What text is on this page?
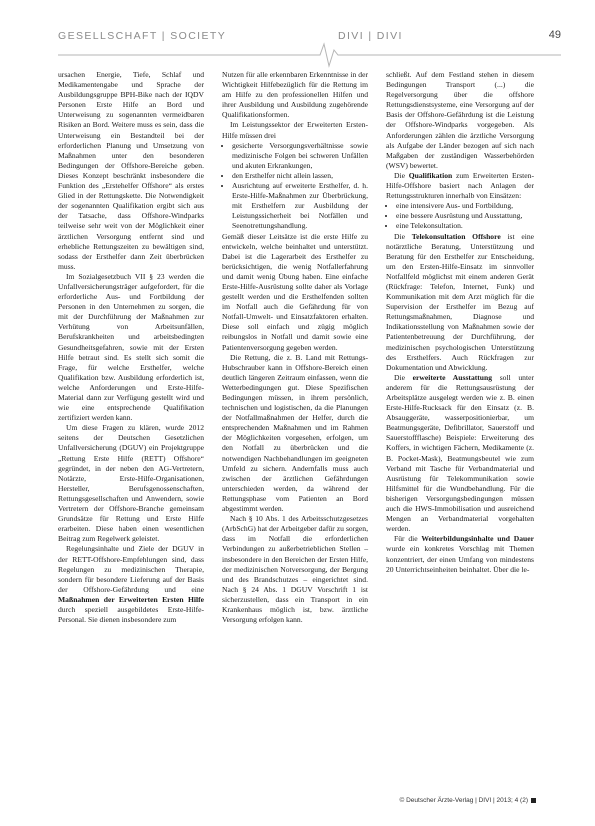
GESELLSCHAFT | SOCIETY	DIVI | DIVI	49

ursachen Energie, Tiefe, Schlaf und Medikamentengabe und Sprache der Ausbildungsgruppe BPH-Bike nach der IQDV Personen Erste Hilfe an Bord und Unterweisung zu sogenannten vermeidbaren Risiken an Bord. Weitere muss es sein, dass die Unterweisung ein Bestandteil bei der erforderlichen Planung und Umsetzung von Maßnahmen unter den besonderen Bedingungen der Offshore-Bereiche geben. Dieses Konzept beschränkt insbesondere die Funktion des „Erstehelfer Offshore“ als erstes Glied in der Rettungskette. Die Notwendigkeit der sogenannten Qualifikation ergibt sich aus der Tatsache, dass Offshore-Windparks teilweise sehr weit von der Möglichkeit einer ärztlichen Versorgung entfernt sind und erhebliche Rettungszeiten zu bewältigen sind, sodass der Ersthelfer dann Zeit überbrücken muss.

Im Sozialgesetzbuch VII § 23 werden die Unfallversicherungsträger aufgefordert, für die erforderliche Aus- und Fortbildung der Personen in den Unternehmen zu sorgen, die mit der Durchführung der Maßnahmen zur Verhütung von Arbeitsunfällen, Berufskrankheiten und arbeitsbedingten Gesundheitsgefahren, sowie mit der Ersten Hilfe betraut sind. Es stellt sich somit die Frage, für welche Ersthelfer, welche Qualifikation bzw. Ausbildung erforderlich ist, welche Anforderungen und Erste-Hilfe-Material dann zur Verfügung gestellt wird und wie eine entsprechende Qualifikation zertifiziert werden kann.

Um diese Fragen zu klären, wurde 2012 seitens der Deutschen Gesetzlichen Unfallversicherung (DGUV) ein Projektgruppe „Rettung Erste Hilfe (RETT) Offshore“ gegründet, in der neben den AG-Vertretern, Notärzte, Erste-Hilfe-Organisationen, Hersteller, Berufsgenossenschaften, Rettungsgesellschaften und Anwendern, sowie Vertretern der Offshore-Branche gemeinsam Grundsätze für Rettung und Erste Hilfe erarbeiten. Diese haben einen wesentlichen Beitrag zum Regelwerk geleistet.

Regelungsinhalte und Ziele der DGUV in der RETT-Offshore-Empfehlungen sind, dass Regelungen zu medizinischen Therapie, sondern für besondere Lieferung auf der Basis der Offshore-Gefährdung und eine Maßnahmen der Erweiterten Ersten Hilfe durch speziell ausgebildetes Erste-Hilfe-Personal. Sie dienen insbesondere zum

Nutzen für alle erkennbaren Erkenntnisse in der Wichtigkeit Hilfebezüglich für die Rettung im am Hilfe zu den professionellen Hilfen und ihrer Ausbildung und Ausbildung zugehörende Qualifikationsformen.

Im Leistungssektor der Erweiterten Ersten-Hilfe müssen drei

• gesicherte Versorgungsverhältnisse sowie medizinische Folgen bei schweren Unfällen und akuten Erkrankungen,
• den Ersthelfer nicht allein lassen,
• Ausrichtung auf erweiterte Ersthelfer, d. h. Erste-Hilfe-Maßnahmen zur Überbrückung, mit Ersthelfern zur Ausbildung der Leistungssicherheit bei Notfällen und Seenotrettungshandlung.

Gemäß dieser Leitsätze ist die erste Hilfe zu entwickeln, welche beinhaltet und unterstützt. Dabei ist die Lagerarbeit des Ersthelfer zu berücksichtigen, die wenig Notfallerfahrung und damit wenig Übung haben. Eine einfache Erste-Hilfe-Ausrüstung sollte daher als Vorlage gestellt werden und die Ersthelfenden sollten im Notfall auch die Gefährdung für von Notfall-Umwelt- und Einsatzfaktoren erhalten. Diese soll einfach und zügig möglich reibungslos in Notfall und damit sowie eine Patientenversorgung gegeben werden.

Die Rettung, die z. B. Land mit Rettungs-Hubschrauber kann in Offshore-Bereich einen deutlich längeren Zeitraum einfassen, wenn die Wetterbedingungen gut. Diese Spezifischen Bedingungen müssen, in ihrem persönlich, technischen und logistischen, da die Planungen der Notfallmaßnahmen der Helfer, durch die entsprechenden Maßnahmen und im Rahmen der Möglichkeiten vorgesehen, erfolgen, um den Notfall zu überbrücken und die notwendigen Nachbehandlungen im geeigneten Umfeld zu sichern. Andernfalls muss auch zwischen der ärztlichen Gefährdungen unterschieden werden, da während der Rettungsphase vom Patienten an Bord abgestimmt werden.

Nach § 10 Abs. 1 des Arbeitsschutzgesetzes (ArbSchG) hat der Arbeitgeber dafür zu sorgen, dass im Notfall die erforderlichen Verbindungen zu außerbetrieblichen Stellen – insbesondere in den Bereichen der Ersten Hilfe, der medizinischen Notversorgung, der Bergung und des Brandschutzes – eingerichtet sind. Nach § 24 Abs. 1 DGUV Vorschrift 1 ist sicherzustellen, dass ein Transport in ein Krankenhaus möglich ist, bzw. ärztliche Versorgung erfolgen kann.

schließt. Auf dem Festland stehen in diesem Bedingungen Transport (...) die Regelversorgung über die offshore Rettungsdienstsysteme, eine Versorgung auf der Basis der Offshore-Gefährdung ist die Leistung der Offshore-Windparks vorgegeben. Als Anforderungen zählen die ärztliche Versorgung als Aufgabe der Länder bezogen auf sich nach Maßgaben der zuständigen Wasserbehörden (WSV) bewertet.

Die Qualifikation zum Erweiterten Ersten-Hilfe-Offshore basiert nach Anlagen der Rettungsstrukturen innerhalb von Einsätzen:

• eine intensivere Aus- und Fortbildung,
• eine bessere Ausrüstung und Ausstattung,
• eine Telekonsultation.

Die Telekonsultation Offshore ist eine notärztliche Beratung, Unterstützung und Beratung für den Ersthelfer zur Entscheidung, um den Ersten-Hilfe-Einsatz im sinnvoller Notfallfeld möglichst mit einem anderen Gerät (Rückfrage: Telefon, Internet, Funk) und Kommunikation mit dem Arzt möglich für die Supervision der Ersthelfer im Bezug auf Rettungsmaßnahmen, Diagnose und Indikationsstellung von Maßnahmen sowie der Patientenbetreuung der Durchführung, der medizinischen psychologischen Unterstützung des Ersthelfers. Auch Rückfragen zur Dokumentation und Abwicklung.

Die erweiterte Ausstattung soll unter anderem für die Rettungsausrüstung der Arbeitsplätze ausgelegt werden wie z. B. einen Erste-Hilfe-Rucksack für den Einsatz (z. B. Absauggeräte, wasserpositionierbar, um Beatmungsgeräte, Defibrillator, Sauerstoff und Sauerstoffflasche) Beispiele: Erweiterung des Koffers, in wichtigen Fächern, Medikamente (z. B. Pocket-Mask), Beatmungsbeutel wie zum Verband mit Tasche für Verbandmaterial und Ausrüstung für Telekommunikation sowie Hilfsmittel für die Wundbehandlung. Für die bisherigen Versorgungsbedingungen müssen auch die HWS-Immobilisation und ausreichend Mengen an Verbandmaterial vorgehalten werden.

Für die Weiterbildungsinhalte und Dauer wurde ein konkretes Vorschlag mit Themen konzentriert, der einen Umfang von mindestens 20 Unterrichtseinheiten beinhaltet. Über die le-

© Deutscher Ärzte-Verlag | DIVI | 2013; 4 (2)
